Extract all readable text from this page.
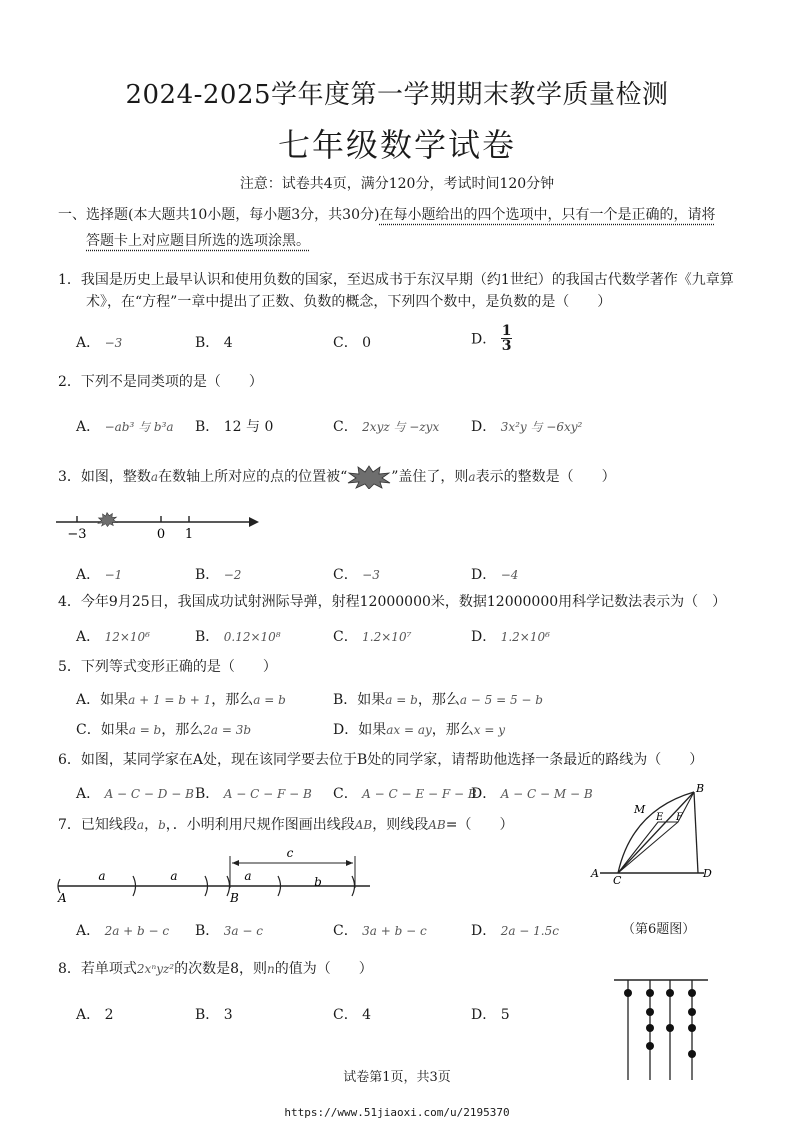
2024-2025学年度第一学期期末教学质量检测
七年级数学试卷
注意：试卷共4页，满分120分，考试时间120分钟
一、选择题(本大题共10小题，每小题3分，共30分)在每小题给出的四个选项中，只有一个是正确的，请将
答题卡上对应题目所选的选项涂黑。
1．我国是历史上最早认识和使用负数的国家，至迟成书于东汉早期（约1世纪）的我国古代数学著作《九章算
术》，在“方程”一章中提出了正数、负数的概念，下列四个数中，是负数的是（　　）
A． −3	B． 4	C． 0	D． $\frac{1}{3}$
2．下列不是同类项的是（　　）
A． −ab³ 与 b³a B． 12 与 0	C． 2xyz 与 −zyx D． 3x²y 与 −6xy²
3．如图，整数a在数轴上所对应的点的位置被“	”盖住了，则a表示的整数是（　　）
−3	0 1
A． −1	B． −2	C． −3	D． −4
4．今年9月25日，我国成功试射洲际导弹，射程12000000米，数据12000000用科学记数法表示为（　）
A． 12×10⁶	B． 0.12×10⁸	C． 1.2×10⁷	D． 1.2×10⁶
5．下列等式变形正确的是（　　）
A．如果a + 1 = b + 1，那么a = b	B．如果a = b，那么a − 5 = 5 − b
C．如果a = b，那么2a = 3b	D．如果ax = ay，那么x = y
6．如图，某同学家在A处，现在该同学要去位于B处的同学家，请帮助他选择一条最近的路线为（　　）
A． A − C − D − B B． A − C − F − B C． A − C − E − F − B
D． A − C − M − B	B
M
E F
A
C
D
（第6题图）
7．已知线段a，b，．小明利用尺规作图画出线段AB，则线段AB=（　　）
c
a	a	a	b
A	B
A． 2a + b − c B． 3a − c	C． 3a + b − c	D． 2a − 1.5c
8．若单项式2xⁿyz²的次数是8，则n的值为（　　）
A． 2	B． 3	C． 4	D． 5
试卷第1页，共3页
https://www.51jiaoxi.com/u/2195370
